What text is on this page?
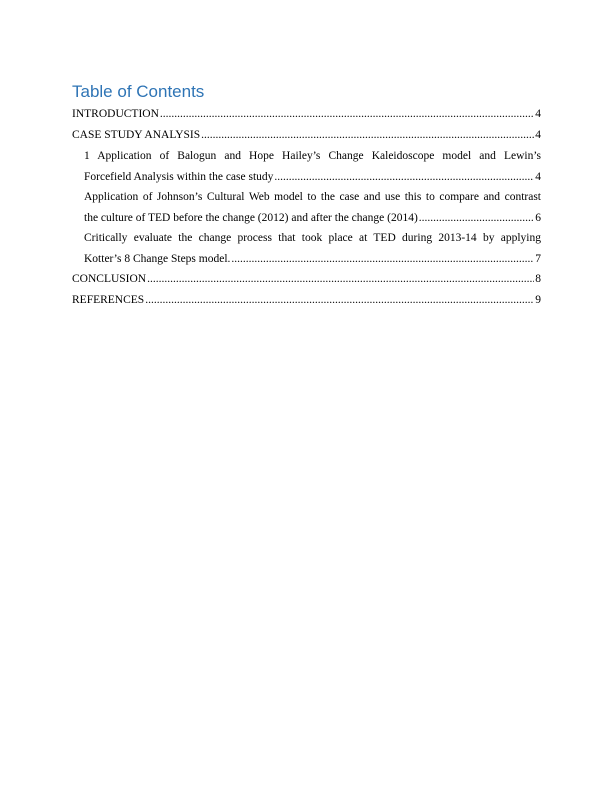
Table of Contents
INTRODUCTION .....	4
CASE STUDY ANALYSIS .....	4
1 Application of Balogun and Hope Hailey’s Change Kaleidoscope model and Lewin’s
Forcefield Analysis within the case study .....	4
Application of Johnson’s Cultural Web model to the case and use this to compare and contrast
the culture of TED before the change (2012) and after the change (2014) .....	6
Critically evaluate the change process that took place at TED during 2013-14 by applying
Kotter’s 8 Change Steps model. .....	7
CONCLUSION .....	8
REFERENCES .....	9
